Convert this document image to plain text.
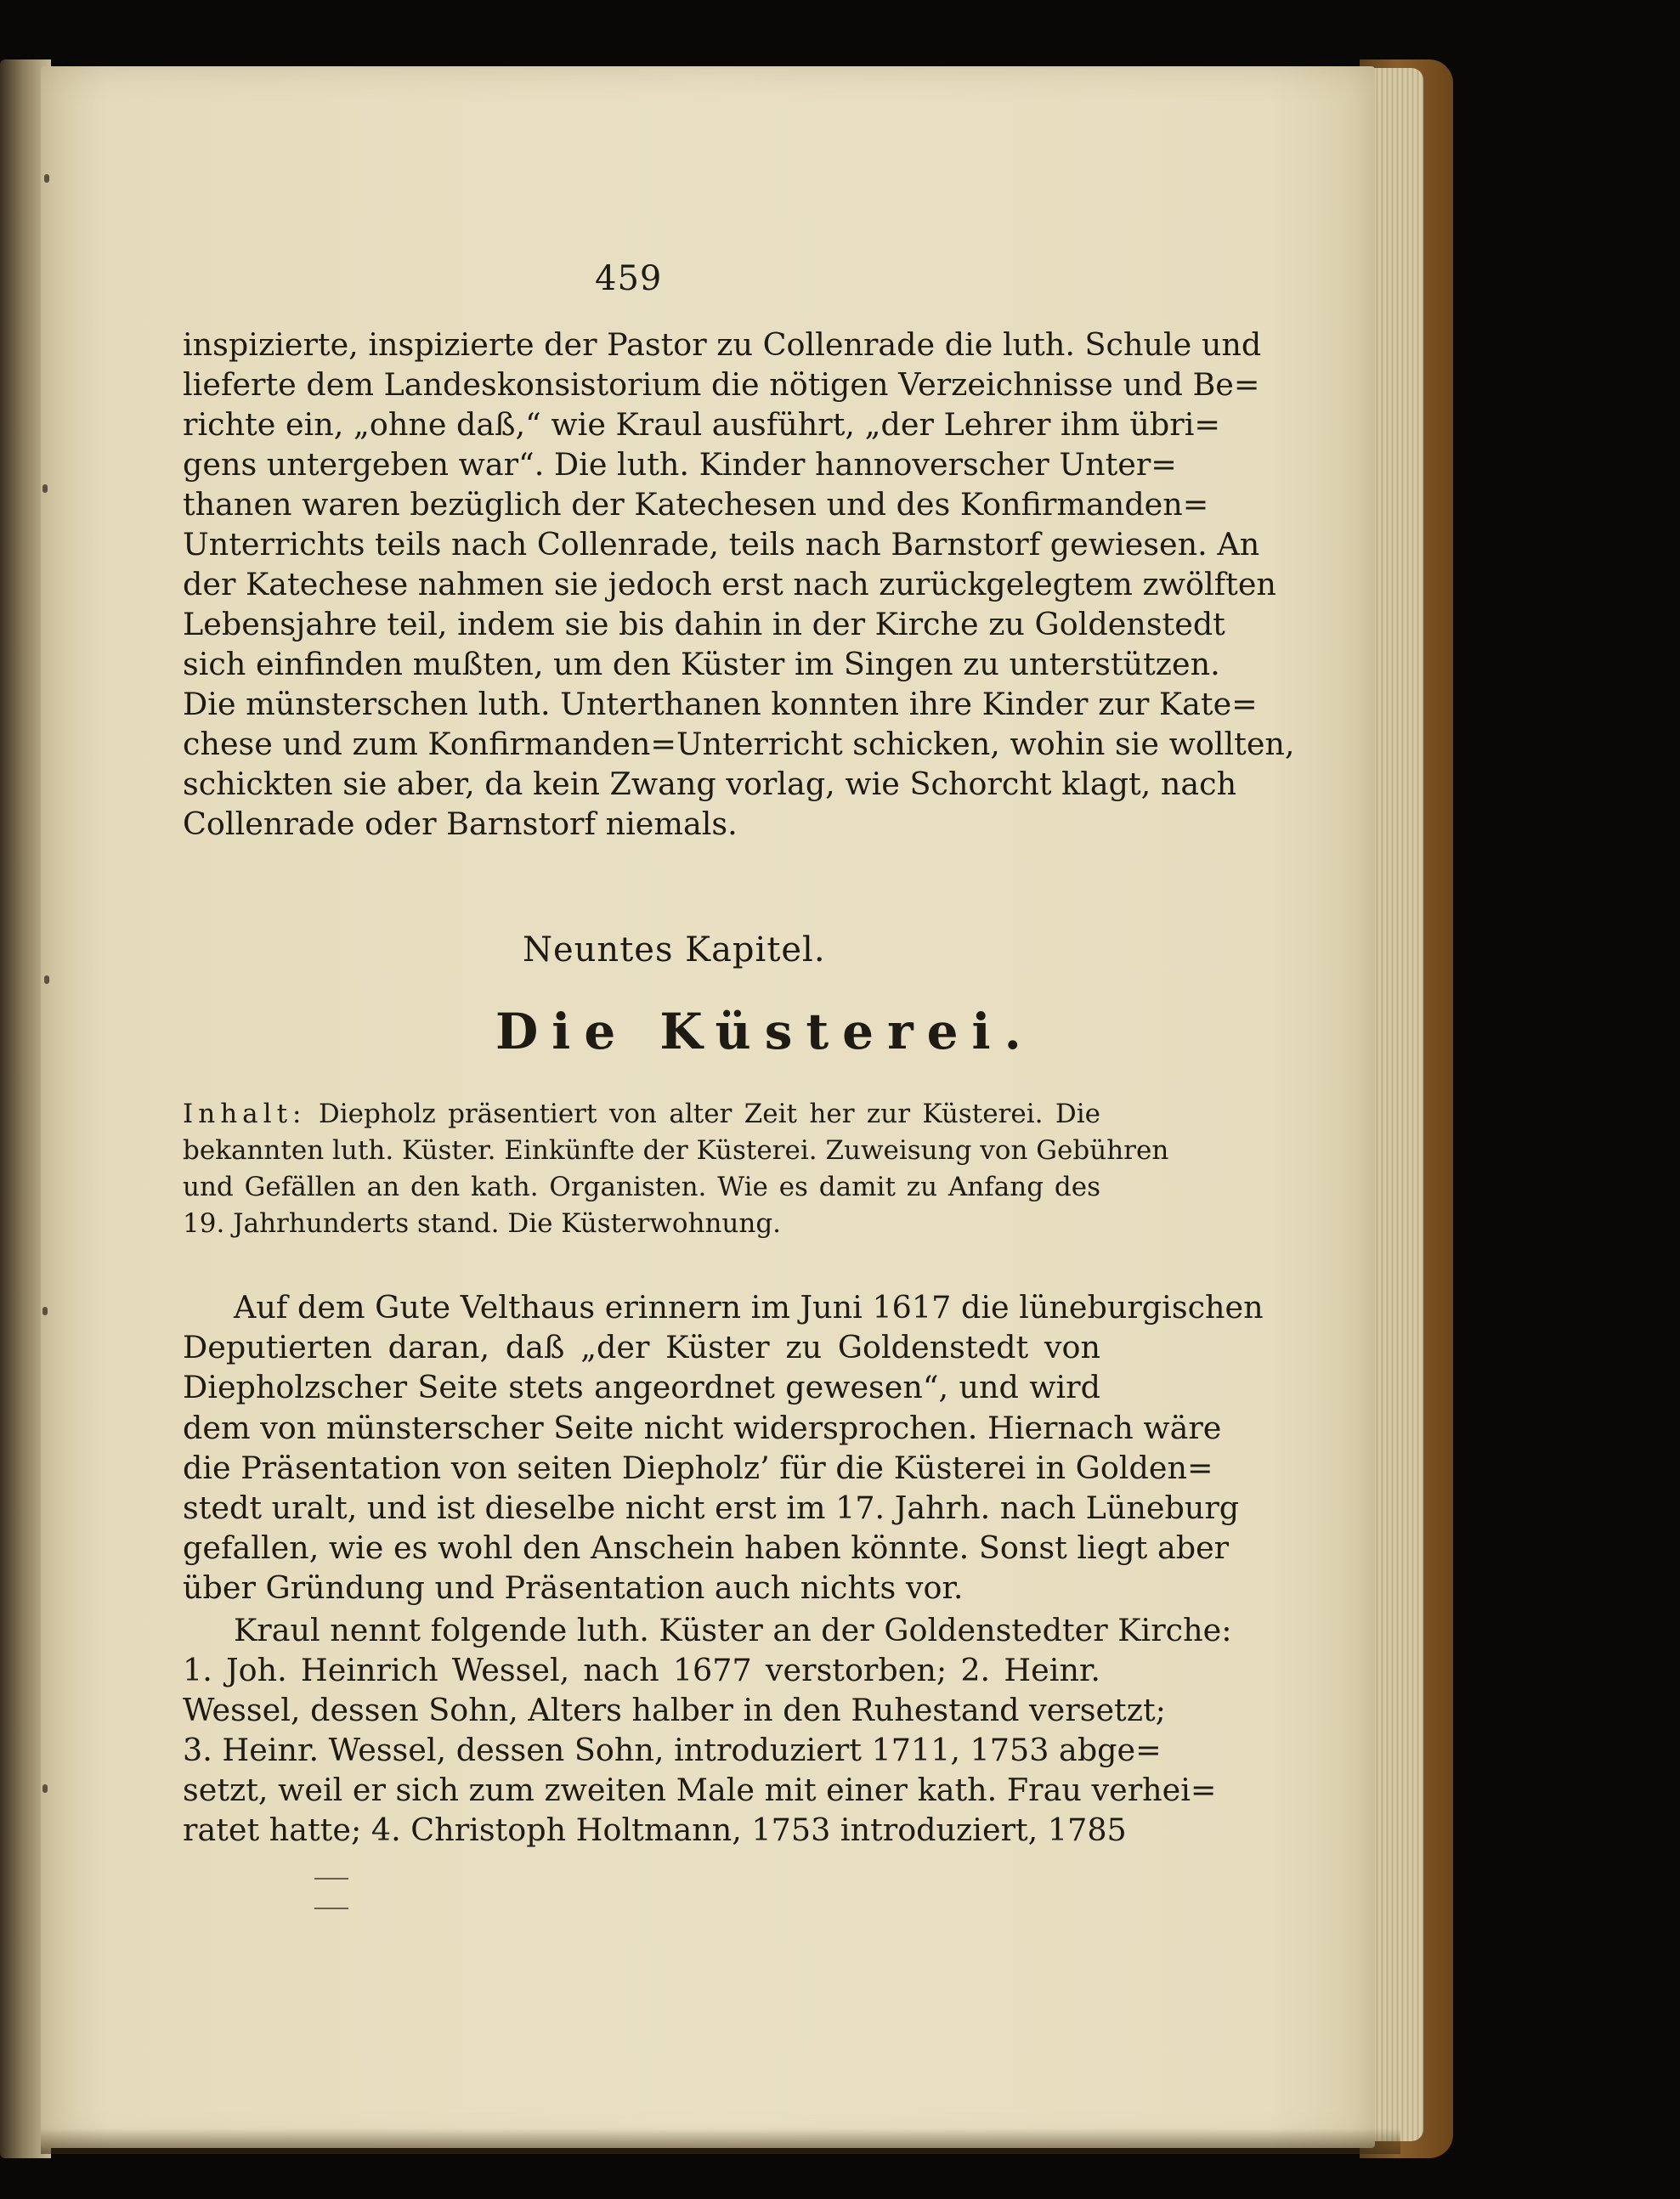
459
inspizierte, inspizierte der Pastor zu Collenrade die luth. Schule und
lieferte dem Landeskonsistorium die nötigen Verzeichnisse und Be=
richte ein, „ohne daß,“ wie Kraul ausführt, „der Lehrer ihm übri=
gens untergeben war“. Die luth. Kinder hannoverscher Unter=
thanen waren bezüglich der Katechesen und des Konfirmanden=
Unterrichts teils nach Collenrade, teils nach Barnstorf gewiesen. An
der Katechese nahmen sie jedoch erst nach zurückgelegtem zwölften
Lebensjahre teil, indem sie bis dahin in der Kirche zu Goldenstedt
sich einfinden mußten, um den Küster im Singen zu unterstützen.
Die münsterschen luth. Unterthanen konnten ihre Kinder zur Kate=
chese und zum Konfirmanden=Unterricht schicken, wohin sie wollten,
schickten sie aber, da kein Zwang vorlag, wie Schorcht klagt, nach
Collenrade oder Barnstorf niemals.
Neuntes Kapitel.
Die Küsterei.
Inhalt: Diepholz präsentiert von alter Zeit her zur Küsterei. Die
bekannten luth. Küster. Einkünfte der Küsterei. Zuweisung von Gebühren
und Gefällen an den kath. Organisten. Wie es damit zu Anfang des
19. Jahrhunderts stand. Die Küsterwohnung.
Auf dem Gute Velthaus erinnern im Juni 1617 die lüneburgischen
Deputierten daran, daß „der Küster zu Goldenstedt von
Diepholzscher Seite stets angeordnet gewesen“, und wird
dem von münsterscher Seite nicht widersprochen. Hiernach wäre
die Präsentation von seiten Diepholz’ für die Küsterei in Golden=
stedt uralt, und ist dieselbe nicht erst im 17. Jahrh. nach Lüneburg
gefallen, wie es wohl den Anschein haben könnte. Sonst liegt aber
über Gründung und Präsentation auch nichts vor.
Kraul nennt folgende luth. Küster an der Goldenstedter Kirche:
1. Joh. Heinrich Wessel, nach 1677 verstorben; 2. Heinr.
Wessel, dessen Sohn, Alters halber in den Ruhestand versetzt;
3. Heinr. Wessel, dessen Sohn, introduziert 1711, 1753 abge=
setzt, weil er sich zum zweiten Male mit einer kath. Frau verhei=
ratet hatte; 4. Christoph Holtmann, 1753 introduziert, 1785
